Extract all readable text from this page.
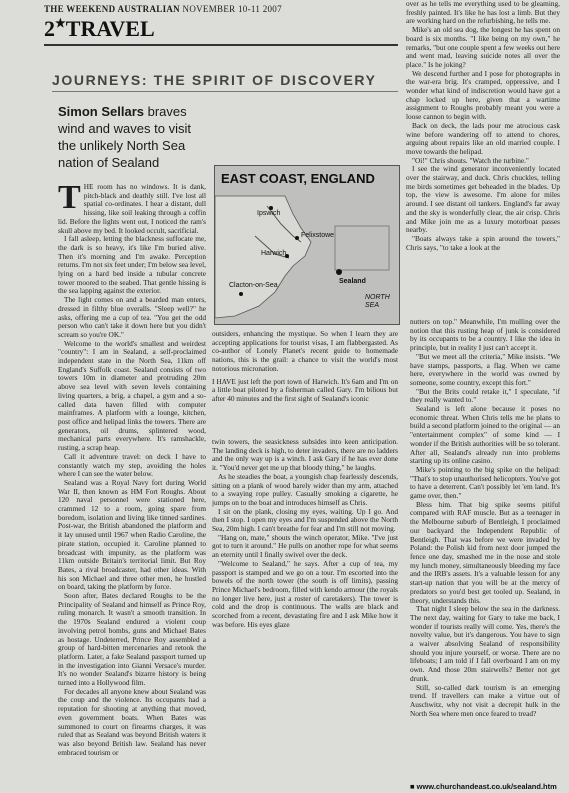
THE WEEKEND AUSTRALIAN NOVEMBER 10-11 2007
2★TRAVEL
JOURNEYS: THE SPIRIT OF DISCOVERY
Simon Sellars braves wind and waves to visit the unlikely North Sea nation of Sealand

THE room has no windows. It is dank, pitch-black and deathly still. I've lost all spatial co-ordinates. I hear a distant, dull hissing, like soil leaking through a coffin lid. Before the lights went out, I noticed the ram's skull above my bed. It looked occult, sacrificial.

I fall asleep, letting the blackness suffocate me, the dark is so heavy, it's like I'm buried alive. Then it's morning and I'm awake. Perception returns. I'm not six feet under; I'm below sea level, lying on a hard bed inside a tubular concrete tower moored to the seabed. That gentle hissing is the sea lapping against the exterior.

The light comes on and a bearded man enters, dressed in filthy blue overalls. "Sleep well?" he asks, offering me a cup of tea. "You get the odd person who can't take it down here but you didn't scream so you're OK."

Welcome to the world's smallest and weirdest "country": I am in Sealand, a self-proclaimed independent state in the North Sea, 11km off England's Suffolk coast. Sealand consists of two towers 10m in diameter and protruding 20m above sea level with seven levels containing living quarters, a brig, a chapel, a gym and a so-called data haven filled with computer mainframes. A platform with a lounge, kitchen, post office and helipad links the towers. There are generators, oil drums, splintered wood, mechanical parts everywhere. It's ramshackle, rusting, a scrap heap.

Call it adventure travel: on deck I have to constantly watch my step, avoiding the holes where I can see the water below.

Sealand was a Royal Navy fort during World War II, then known as HM Fort Roughs. About 120 naval personnel were stationed here, crammed 12 to a room, going spare from boredom, isolation and living like tinned sardines. Post-war, the British abandoned the platform and it lay unused until 1967 when Radio Caroline, the pirate station, occupied it. Caroline planned to broadcast with impunity, as the platform was 11km outside Britain's territorial limit. But Roy Bates, a rival broadcaster, had other ideas. With his son Michael and three other men, he hustled on board, taking the platform by force.

Soon after, Bates declared Roughs to be the Principality of Sealand and himself as Prince Roy, ruling monarch. It wasn't a smooth transition. In the 1970s Sealand endured a violent coup involving petrol bombs, guns and Michael Bates as hostage. Undeterred, Prince Roy assembled a group of hard-bitten mercenaries and retook the platform. Later, a fake Sealand passport turned up in the investigation into Gianni Versace's murder. It's no wonder Sealand's bizarre history is being turned into a Hollywood film.

For decades all anyone knew about Sealand was the coup and the violence. Its occupants had a reputation for shooting at anything that moved, even government boats. When Bates was summoned to court on firearms charges, it was ruled that as Sealand was beyond British waters it was also beyond British law. Sealand has never embraced tourism or

EAST COAST, ENGLAND
Ipswich
Felixstowe
Harwich
Clacton-on-Sea
Sealand
NORTH SEA

outsiders, enhancing the mystique. So when I learn they are accepting applications for tourist visas, I am flabbergasted. As co-author of Lonely Planet's recent guide to homemade nations, this is the grail: a chance to visit the world's most notorious micronation.

I HAVE just left the port town of Harwich. It's 6am and I'm on a little boat piloted by a fisherman called Gary. I'm bilious but after 40 minutes and the first sight of Sealand's iconic

twin towers, the seasickness subsides into keen anticipation. The landing deck is high, to deter invaders, there are no ladders and the only way up is a winch. I ask Gary if he has ever done it. "You'd never get me up that bloody thing," he laughs.

As he steadies the boat, a youngish chap fearlessly descends, sitting on a plank of wood barely wider than my arm, attached to a swaying rope pulley. Casually smoking a cigarette, he jumps on to the boat and introduces himself as Chris.

I sit on the plank, closing my eyes, waiting. Up I go. And then I stop. I open my eyes and I'm suspended above the North Sea, 20m high. I can't breathe for fear and I'm still not moving.

"Hang on, mate," shouts the winch operator, Mike. "I've just got to turn it around." He pulls on another rope for what seems an eternity until I finally swivel over the deck.

"Welcome to Sealand," he says. After a cup of tea, my passport is stamped and we go on a tour. I'm escorted into the bowels of the north tower (the south is off limits), passing Prince Michael's bedroom, filled with kendo armour (the royals no longer live here, just a roster of caretakers). The tower is cold and the drop is continuous. The walls are black and scorched from a recent, devastating fire and I ask Mike how it was before. His eyes glaze

over as he tells me everything used to be gleaming, freshly painted. It's like he has lost a limb. But they are working hard on the refurbishing, he tells me.

Mike's an old sea dog, the longest he has spent on board is six months. "I like being on my own," he remarks, "but one couple spent a few weeks out here and went mad, leaving suicide notes all over the place." Is he joking?

We descend further and I pose for photographs in the war-era brig. It's cramped, oppressive, and I wonder what kind of indiscretion would have got a chap locked up here, given that a wartime assignment to Roughs probably meant you were a loose cannon to begin with.

Back on deck, the lads pour me atrocious cask wine before wandering off to attend to chores, arguing about repairs like an old married couple. I move towards the helipad.

"Oi!" Chris shouts. "Watch the turbine."

I see the wind generator inconveniently located over the stairway, and duck. Chris chuckles, telling me birds sometimes get beheaded in the blades. Up top, the view is awesome. I'm alone for miles around. I see distant oil tankers. England's far away and the sky is wonderfully clear, the air crisp. Chris and Mike join me as a luxury motorboat passes nearby.

"Boats always take a spin around the towers," Chris says, "to take a look at the

nutters on top." Meanwhile, I'm mulling over the notion that this rusting heap of junk is considered by its occupants to be a country. I like the idea in principle, but in reality I just can't accept it.

"But we meet all the criteria," Mike insists. "We have stamps, passports, a flag. When we came here, everywhere in the world was owned by someone, some country, except this fort."

"But the Brits could retake it," I speculate, "if they really wanted to."

Sealand is left alone because it poses no economic threat. When Chris tells me he plans to build a second platform joined to the original — an "entertainment complex" of some kind — I wonder if the British authorities will be so tolerant. After all, Sealand's already run into problems starting up its online casino.

Mike's pointing to the big spike on the helipad: "That's to stop unauthorised helicopters. You've got to have a deterrent. Can't possibly let 'em land. It's game over, then."

Bless him. That big spike seems pitiful compared with RAF muscle. But as a teenager in the Melbourne suburb of Bentleigh, I proclaimed our backyard the Independent Republic of Bentleigh. That was before we were invaded by Poland: the Polish kid from next door jumped the fence one day, smashed me in the nose and stole my lunch money, simultaneously bleeding my face and the IRB's assets. It's a valuable lesson for any start-up nation that you will be at the mercy of predators so you'd best get tooled up. Sealand, in theory, understands this.

That night I sleep below the sea in the darkness. The next day, waiting for Gary to take me back, I wonder if tourists really will come. Yes, there's the novelty value, but it's dangerous. You have to sign a waiver absolving Sealand of responsibility should you injure yourself, or worse. There are no lifeboats; I am told if I fall overboard I am on my own. And those 20m stairwells? Better not get drunk.

Still, so-called dark tourism is an emerging trend. If travellers can make a virtue out of Auschwitz, why not visit a decrepit hulk in the North Sea where men once feared to tread?

■ www.churchandeast.co.uk/sealand.htm
